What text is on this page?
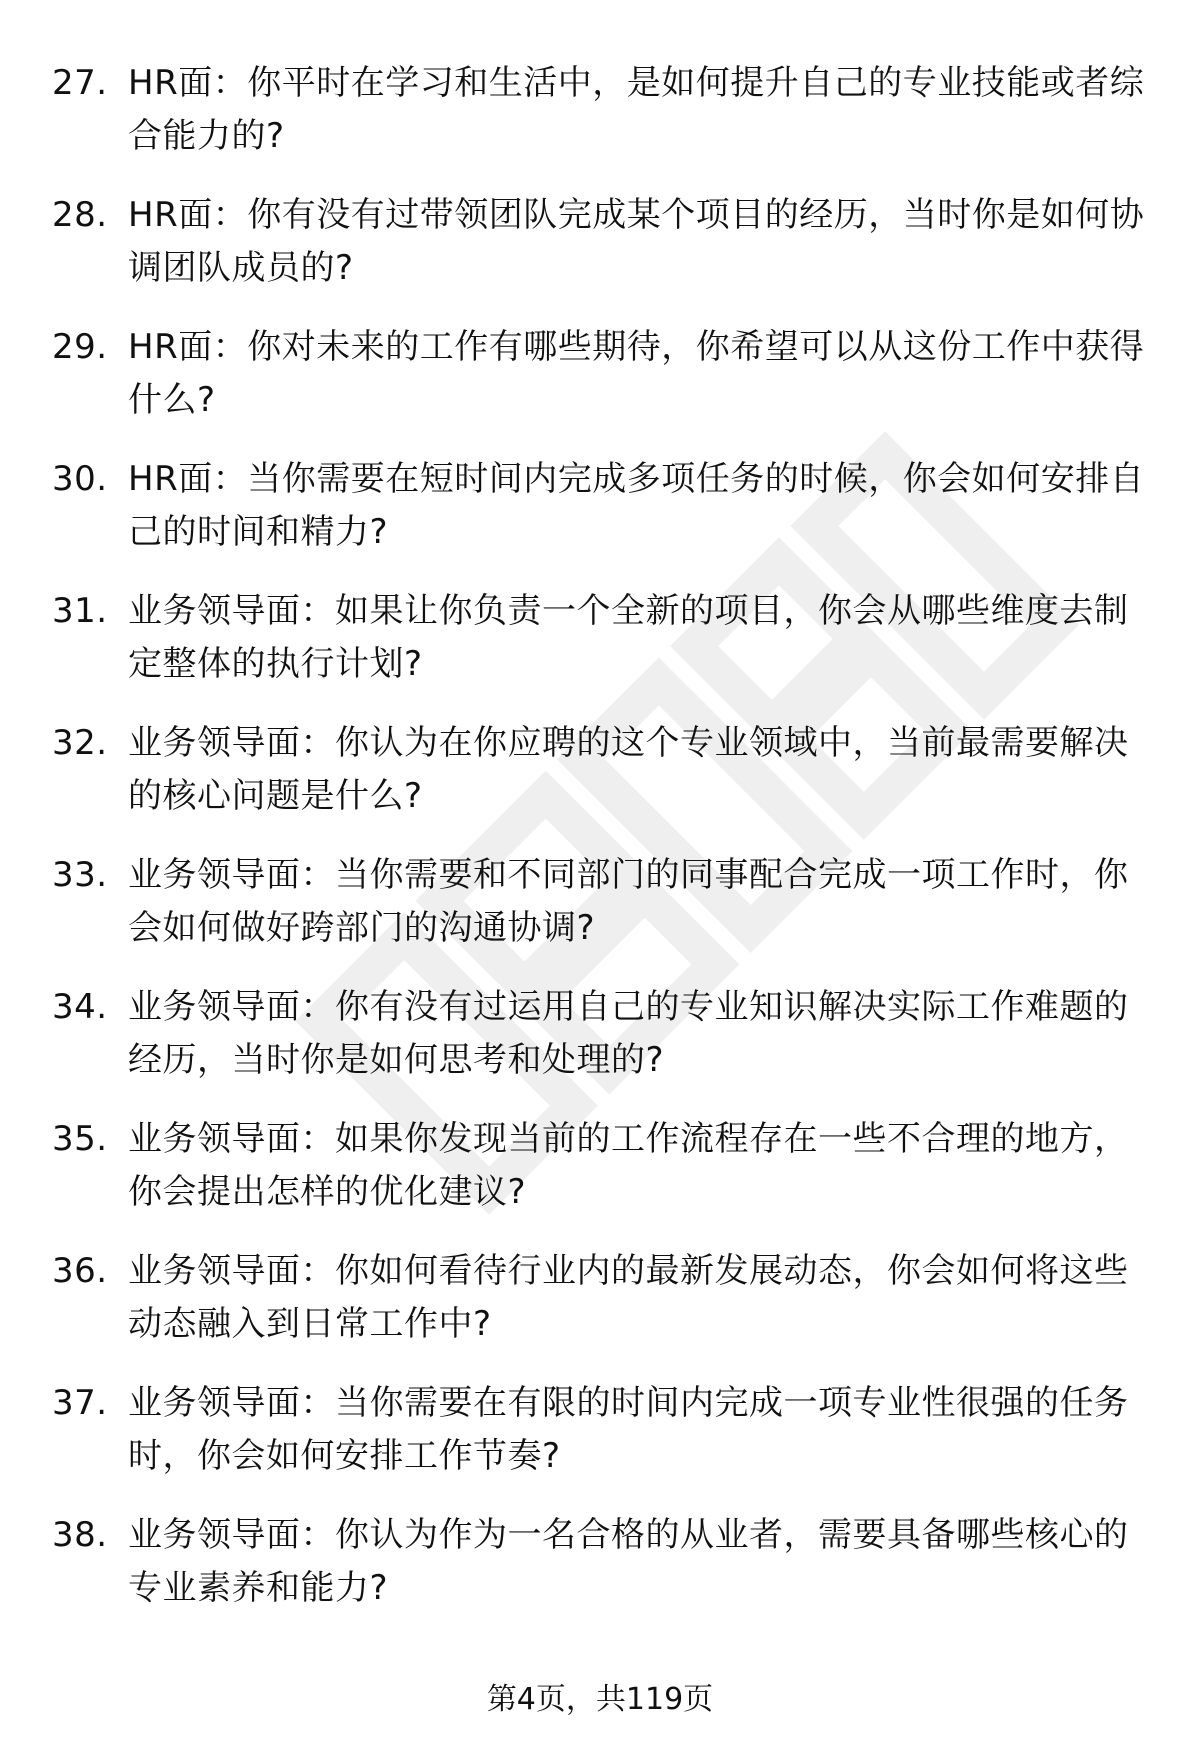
27. HR面：你平时在学习和生活中，是如何提升自己的专业技能或者综合能力的?
28. HR面：你有没有过带领团队完成某个项目的经历，当时你是如何协调团队成员的?
29. HR面：你对未来的工作有哪些期待，你希望可以从这份工作中获得什么?
30. HR面：当你需要在短时间内完成多项任务的时候，你会如何安排自己的时间和精力?
31. 业务领导面：如果让你负责一个全新的项目，你会从哪些维度去制定整体的执行计划?
32. 业务领导面：你认为在你应聘的这个专业领域中，当前最需要解决的核心问题是什么?
33. 业务领导面：当你需要和不同部门的同事配合完成一项工作时，你会如何做好跨部门的沟通协调?
34. 业务领导面：你有没有过运用自己的专业知识解决实际工作难题的经历，当时你是如何思考和处理的?
35. 业务领导面：如果你发现当前的工作流程存在一些不合理的地方，你会提出怎样的优化建议?
36. 业务领导面：你如何看待行业内的最新发展动态，你会如何将这些动态融入到日常工作中?
37. 业务领导面：当你需要在有限的时间内完成一项专业性很强的任务时，你会如何安排工作节奏?
38. 业务领导面：你认为作为一名合格的从业者，需要具备哪些核心的专业素养和能力?
第4页，共119页
